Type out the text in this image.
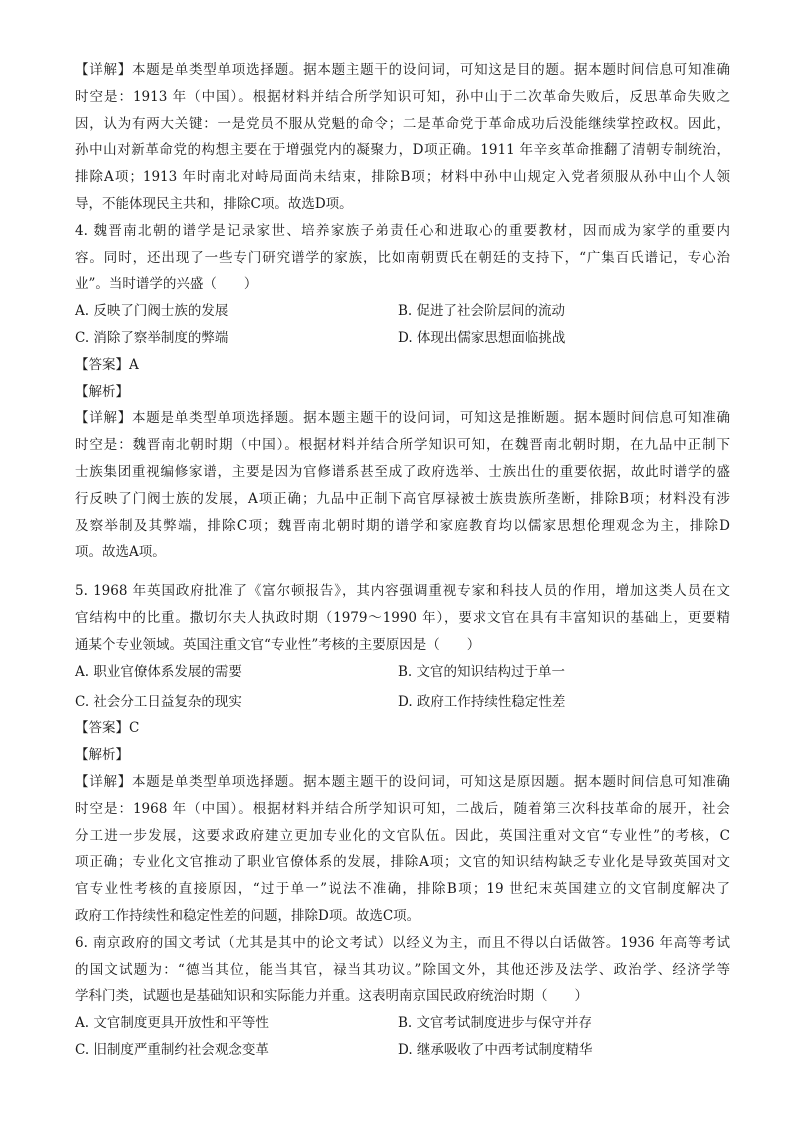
【详解】本题是单类型单项选择题。据本题主题干的设问词，可知这是目的题。据本题时间信息可知准确
时空是：1913 年（中国）。根据材料并结合所学知识可知，孙中山于二次革命失败后，反思革命失败之
因，认为有两大关键：一是党员不服从党魁的命令；二是革命党于革命成功后没能继续掌控政权。因此，
孙中山对新革命党的构想主要在于增强党内的凝聚力，D项正确。1911 年辛亥革命推翻了清朝专制统治，
排除A项；1913 年时南北对峙局面尚未结束，排除B项；材料中孙中山规定入党者须服从孙中山个人领
导，不能体现民主共和，排除C项。故选D项。
4. 魏晋南北朝的谱学是记录家世、培养家族子弟责任心和进取心的重要教材，因而成为家学的重要内
容。同时，还出现了一些专门研究谱学的家族，比如南朝贾氏在朝廷的支持下，“广集百氏谱记，专心治
业”。当时谱学的兴盛（　　）
A. 反映了门阀士族的发展	B. 促进了社会阶层间的流动
C. 消除了察举制度的弊端	D. 体现出儒家思想面临挑战
【答案】A
【解析】
【详解】本题是单类型单项选择题。据本题主题干的设问词，可知这是推断题。据本题时间信息可知准确
时空是：魏晋南北朝时期（中国）。根据材料并结合所学知识可知，在魏晋南北朝时期，在九品中正制下
士族集团重视编修家谱，主要是因为官修谱系甚至成了政府选举、士族出仕的重要依据，故此时谱学的盛
行反映了门阀士族的发展，A项正确；九品中正制下高官厚禄被士族贵族所垄断，排除B项；材料没有涉
及察举制及其弊端，排除C项；魏晋南北朝时期的谱学和家庭教育均以儒家思想伦理观念为主，排除D
项。故选A项。
5. 1968 年英国政府批准了《富尔顿报告》，其内容强调重视专家和科技人员的作用，增加这类人员在文
官结构中的比重。撒切尔夫人执政时期（1979～1990 年），要求文官在具有丰富知识的基础上，更要精
通某个专业领域。英国注重文官“专业性”考核的主要原因是（　　）
A. 职业官僚体系发展的需要	B. 文官的知识结构过于单一
C. 社会分工日益复杂的现实	D. 政府工作持续性稳定性差
【答案】C
【解析】
【详解】本题是单类型单项选择题。据本题主题干的设问词，可知这是原因题。据本题时间信息可知准确
时空是：1968 年（中国）。根据材料并结合所学知识可知，二战后，随着第三次科技革命的展开，社会
分工进一步发展，这要求政府建立更加专业化的文官队伍。因此，英国注重对文官“专业性”的考核，C
项正确；专业化文官推动了职业官僚体系的发展，排除A项；文官的知识结构缺乏专业化是导致英国对文
官专业性考核的直接原因，“过于单一”说法不准确，排除B项；19 世纪末英国建立的文官制度解决了
政府工作持续性和稳定性差的问题，排除D项。故选C项。
6. 南京政府的国文考试（尤其是其中的论文考试）以经义为主，而且不得以白话做答。1936 年高等考试
的国文试题为：“德当其位，能当其官，禄当其功议。”除国文外，其他还涉及法学、政治学、经济学等
学科门类，试题也是基础知识和实际能力并重。这表明南京国民政府统治时期（　　）
A. 文官制度更具开放性和平等性	B. 文官考试制度进步与保守并存
C. 旧制度严重制约社会观念变革	D. 继承吸收了中西考试制度精华
